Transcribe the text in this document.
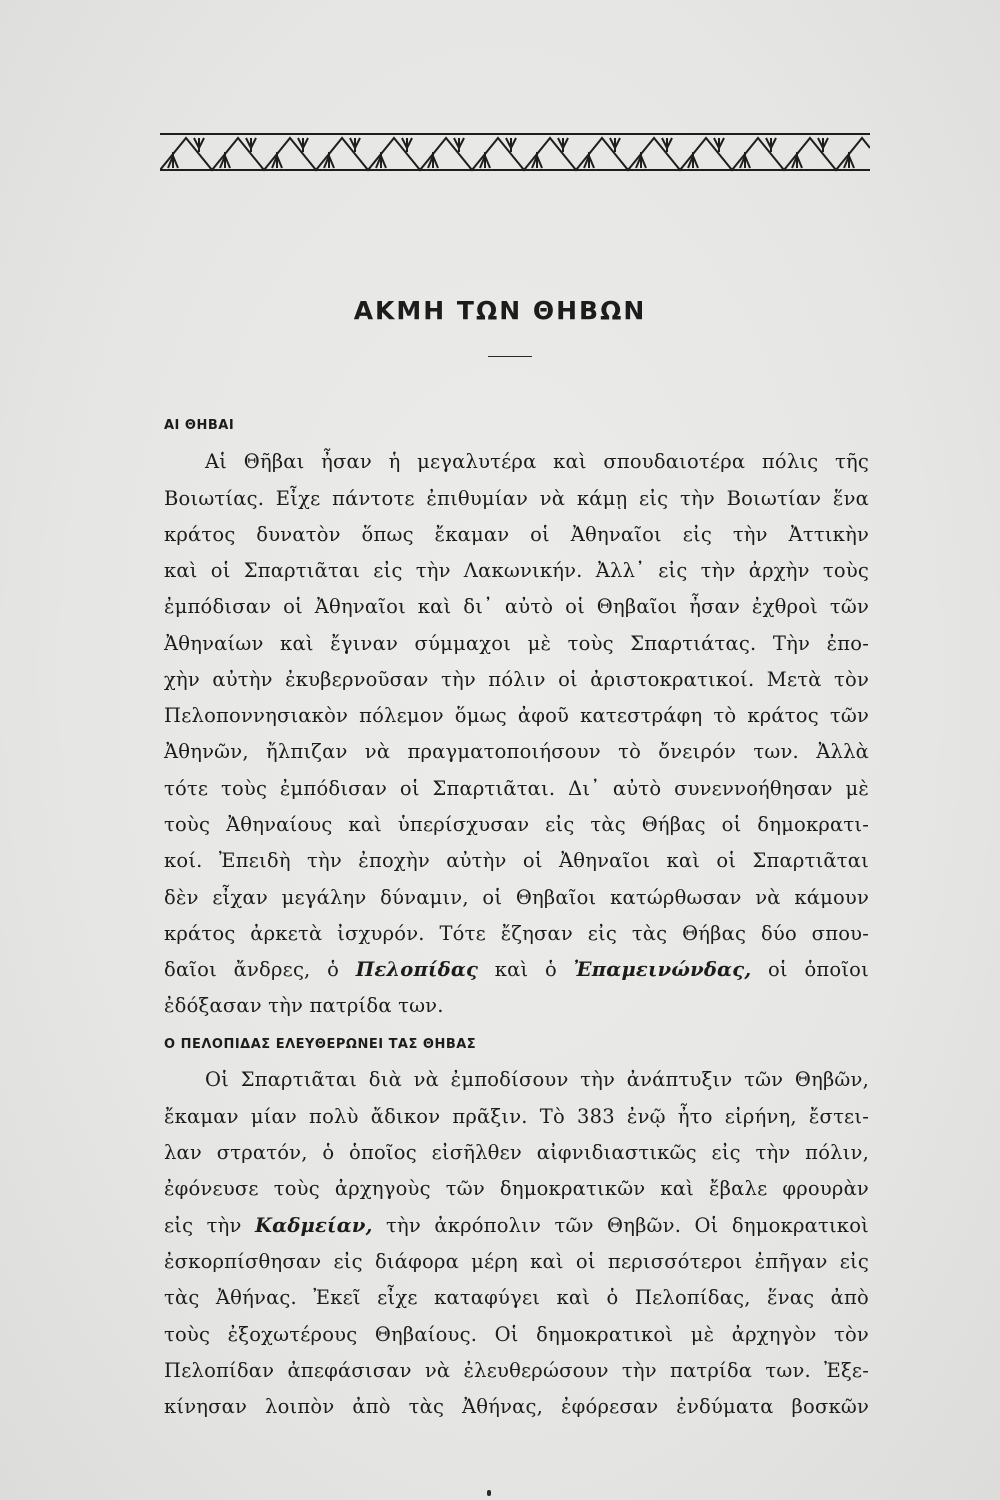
ΑΚΜΗ ΤΩΝ ΘΗΒΩΝ
ΑΙ ΘΗΒΑΙ
Αἱ Θῆβαι ἦσαν ἡ μεγαλυτέρα καὶ σπουδαιοτέρα πόλις τῆς
Βοιωτίας. Εἶχε πάντοτε ἐπιθυμίαν νὰ κάμῃ εἰς τὴν Βοιωτίαν ἕνα
κράτος δυνατὸν ὅπως ἔκαμαν οἱ Ἀθηναῖοι εἰς τὴν Ἀττικὴν
καὶ οἱ Σπαρτιᾶται εἰς τὴν Λακωνικήν. Ἀλλ᾽ εἰς τὴν ἀρχὴν τοὺς
ἐμπόδισαν οἱ Ἀθηναῖοι καὶ δι᾽ αὐτὸ οἱ Θηβαῖοι ἦσαν ἐχθροὶ τῶν
Ἀθηναίων καὶ ἔγιναν σύμμαχοι μὲ τοὺς Σπαρτιάτας. Τὴν ἐπο-
χὴν αὐτὴν ἐκυβερνοῦσαν τὴν πόλιν οἱ ἀριστοκρατικοί. Μετὰ τὸν
Πελοποννησιακὸν πόλεμον ὅμως ἀφοῦ κατεστράφη τὸ κράτος τῶν
Ἀθηνῶν, ἤλπιζαν νὰ πραγματοποιήσουν τὸ ὄνειρόν των. Ἀλλὰ
τότε τοὺς ἐμπόδισαν οἱ Σπαρτιᾶται. Δι᾽ αὐτὸ συνεννοήθησαν μὲ
τοὺς Ἀθηναίους καὶ ὑπερίσχυσαν εἰς τὰς Θήβας οἱ δημοκρατι-
κοί. Ἐπειδὴ τὴν ἐποχὴν αὐτὴν οἱ Ἀθηναῖοι καὶ οἱ Σπαρτιᾶται
δὲν εἶχαν μεγάλην δύναμιν, οἱ Θηβαῖοι κατώρθωσαν νὰ κάμουν
κράτος ἀρκετὰ ἰσχυρόν. Τότε ἔζησαν εἰς τὰς Θήβας δύο σπου-
δαῖοι ἄνδρες, ὁ Πελοπίδας καὶ ὁ Ἐπαμεινώνδας, οἱ ὁποῖοι
ἐδόξασαν τὴν πατρίδα των.
Ο ΠΕΛΟΠΙΔΑΣ ΕΛΕΥΘΕΡΩΝΕΙ ΤΑΣ ΘΗΒΑΣ
Οἱ Σπαρτιᾶται διὰ νὰ ἐμποδίσουν τὴν ἀνάπτυξιν τῶν Θηβῶν,
ἔκαμαν μίαν πολὺ ἄδικον πρᾶξιν. Τὸ 383 ἐνῷ ἦτο εἰρήνη, ἔστει-
λαν στρατόν, ὁ ὁποῖος εἰσῆλθεν αἰφνιδιαστικῶς εἰς τὴν πόλιν,
ἐφόνευσε τοὺς ἀρχηγοὺς τῶν δημοκρατικῶν καὶ ἔβαλε φρουρὰν
εἰς τὴν Καδμείαν, τὴν ἀκρόπολιν τῶν Θηβῶν. Οἱ δημοκρατικοὶ
ἐσκορπίσθησαν εἰς διάφορα μέρη καὶ οἱ περισσότεροι ἐπῆγαν εἰς
τὰς Ἀθήνας. Ἐκεῖ εἶχε καταφύγει καὶ ὁ Πελοπίδας, ἕνας ἀπὸ
τοὺς ἐξοχωτέρους Θηβαίους. Οἱ δημοκρατικοὶ μὲ ἀρχηγὸν τὸν
Πελοπίδαν ἀπεφάσισαν νὰ ἐλευθερώσουν τὴν πατρίδα των. Ἐξε-
κίνησαν λοιπὸν ἀπὸ τὰς Ἀθήνας, ἐφόρεσαν ἐνδύματα βοσκῶν
